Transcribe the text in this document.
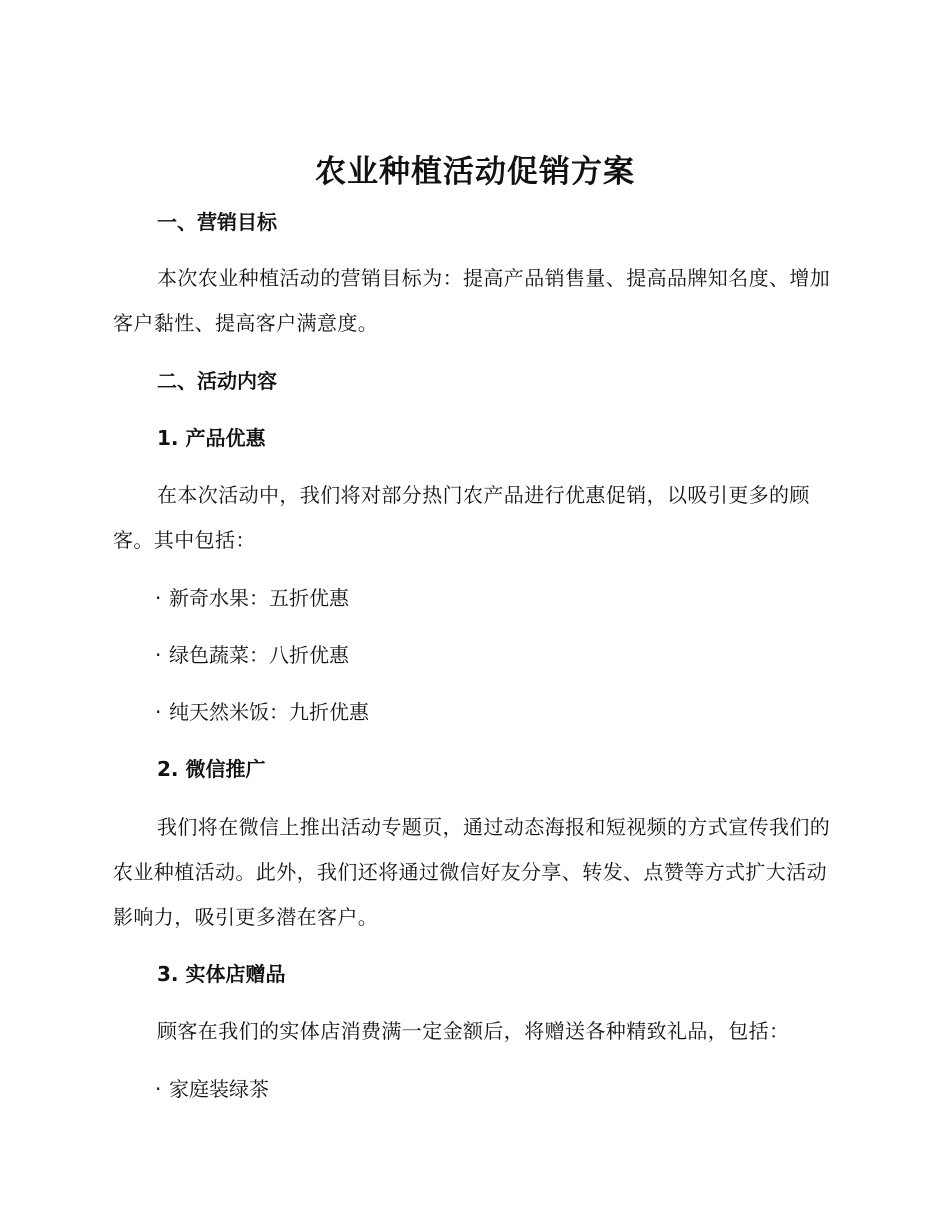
农业种植活动促销方案
一、营销目标

本次农业种植活动的营销目标为：提高产品销售量、提高品牌知名度、增加客户黏性、提高客户满意度。

二、活动内容
1. 产品优惠

在本次活动中，我们将对部分热门农产品进行优惠促销，以吸引更多的顾客。其中包括：

· 新奇水果：五折优惠

· 绿色蔬菜：八折优惠

· 纯天然米饭：九折优惠

2. 微信推广

我们将在微信上推出活动专题页，通过动态海报和短视频的方式宣传我们的农业种植活动。此外，我们还将通过微信好友分享、转发、点赞等方式扩大活动影响力，吸引更多潜在客户。

3. 实体店赠品

顾客在我们的实体店消费满一定金额后，将赠送各种精致礼品，包括：

· 家庭装绿茶
